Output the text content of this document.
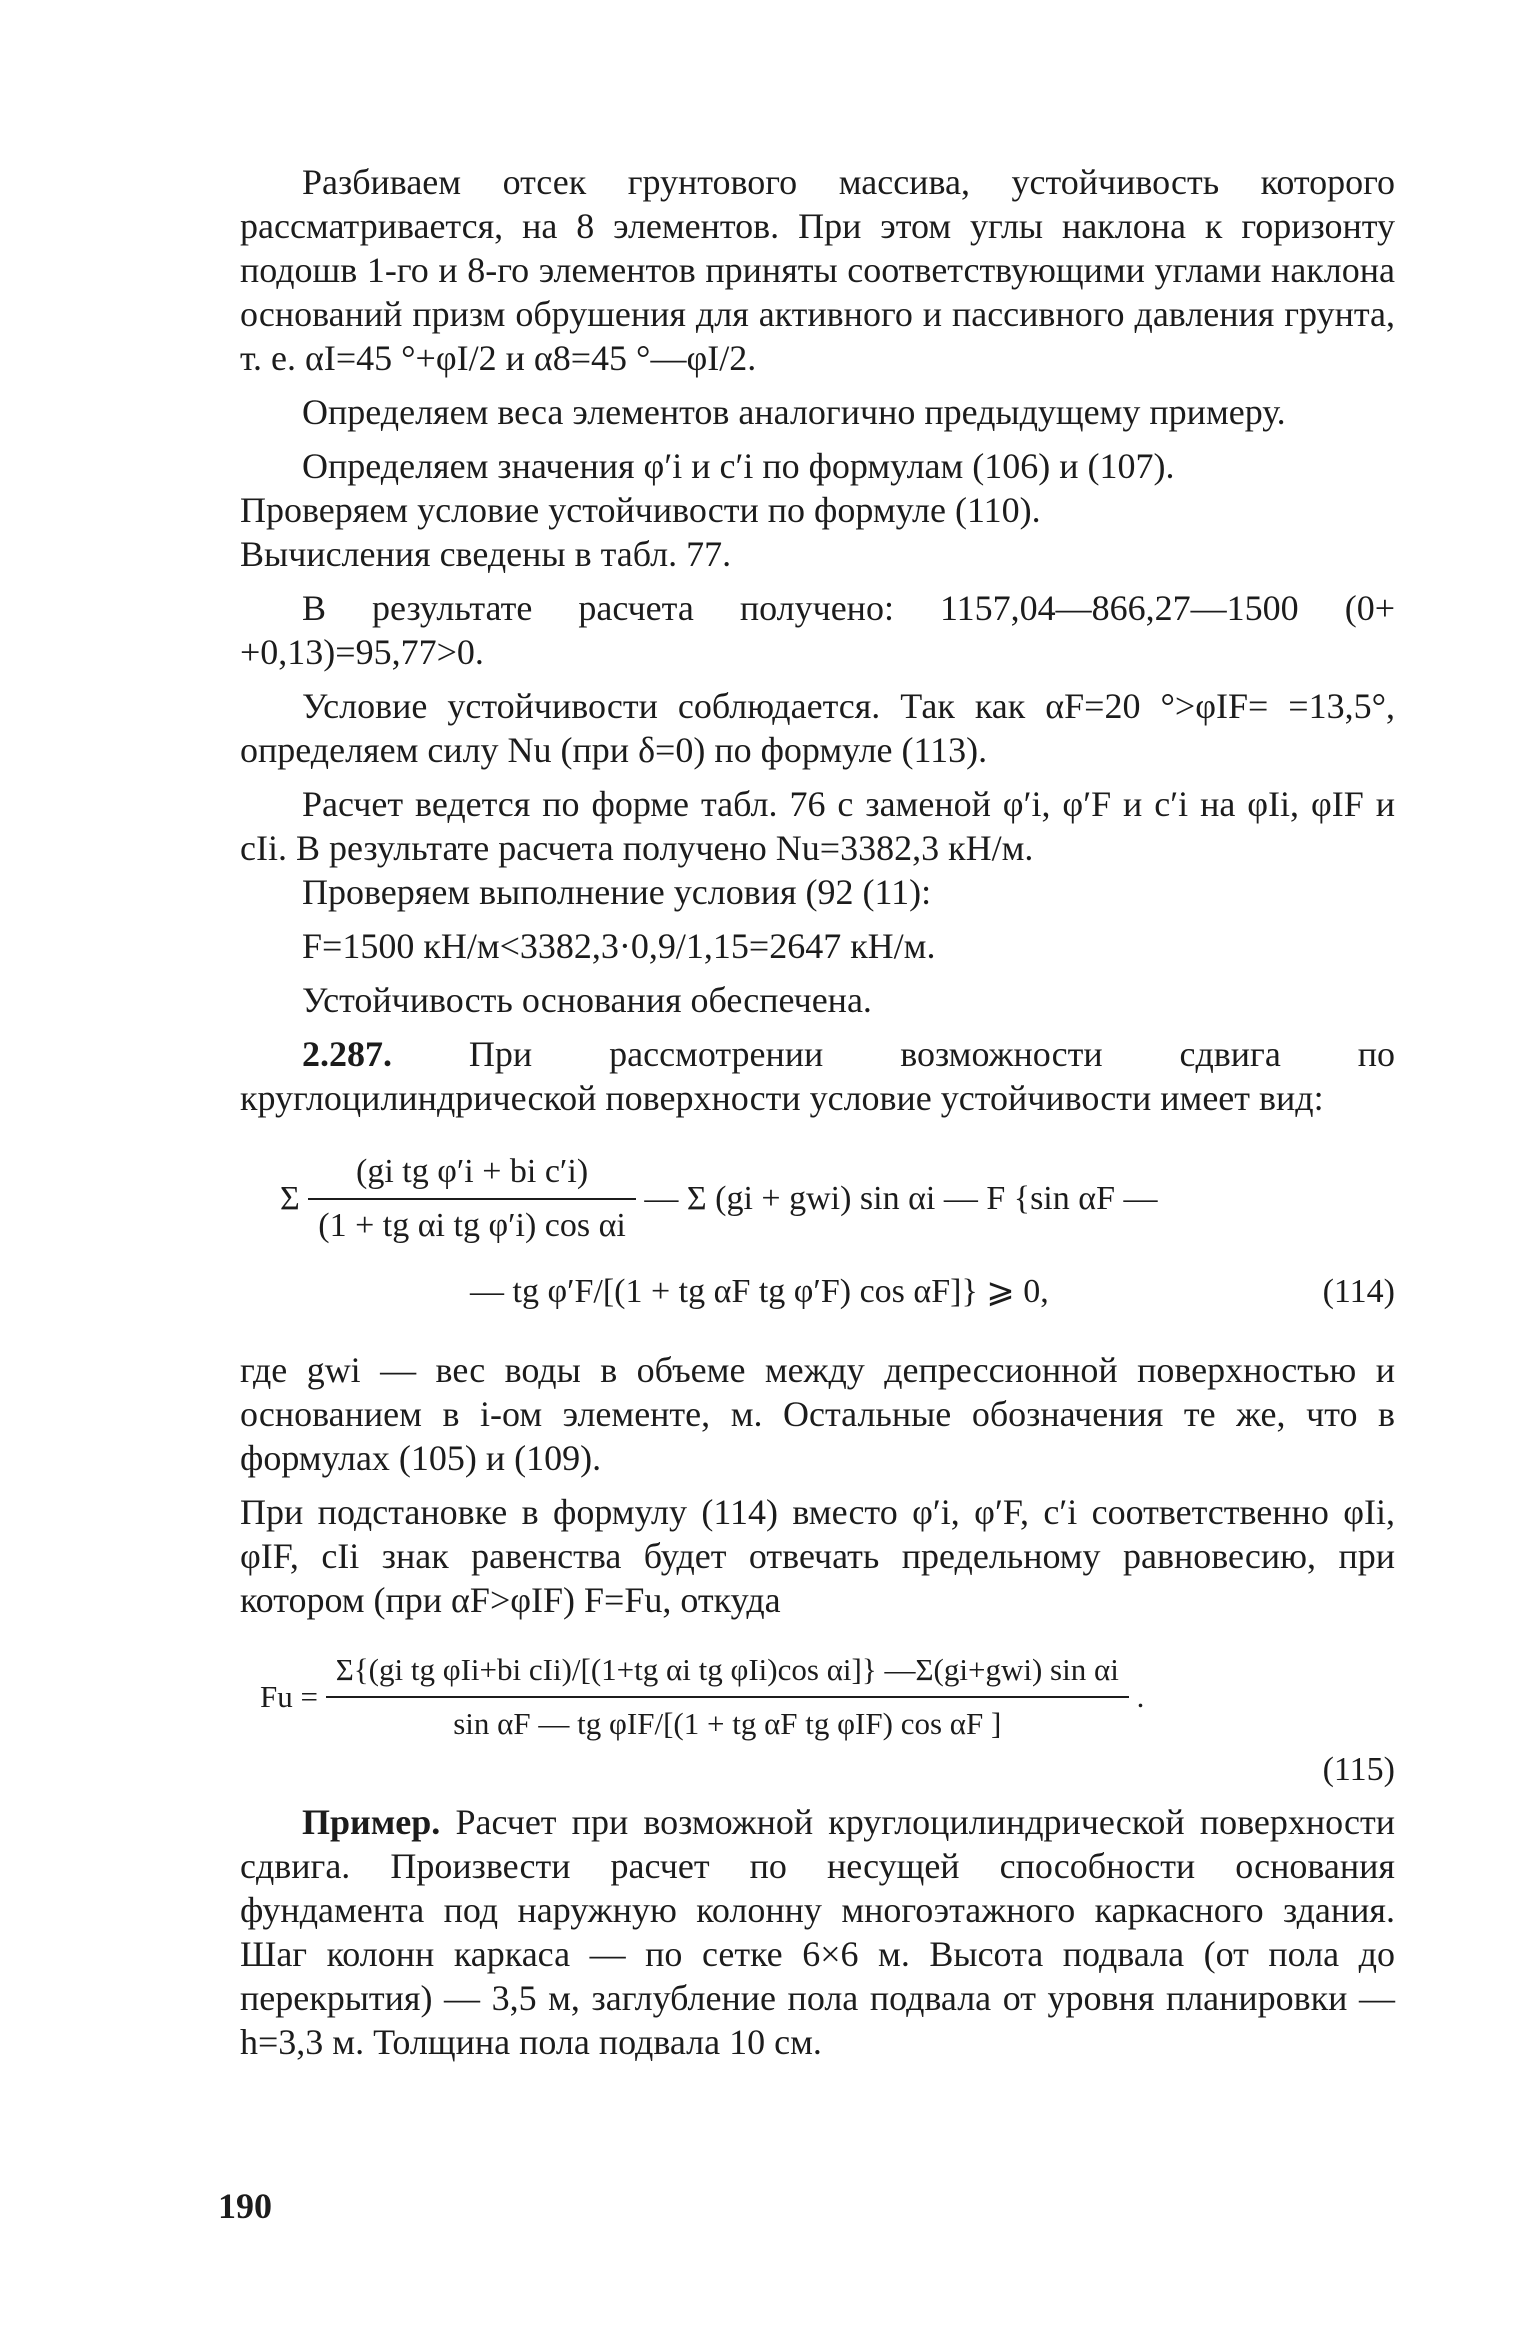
Разбиваем отсек грунтового массива, устойчивость которого рассматривается, на 8 элементов. При этом углы наклона к горизонту подошв 1-го и 8-го элементов приняты соответствующими углами наклона оснований призм обрушения для активного и пассивного давления грунта, т. е. αI=45 °+φI/2 и α8=45 °—φI/2.

Определяем веса элементов аналогично предыдущему примеру.

Определяем значения φ′i и c′i по формулам (106) и (107).

Проверяем условие устойчивости по формуле (110).

Вычисления сведены в табл. 77.

В результате расчета получено: 1157,04—866,27—1500 (0+ +0,13)=95,77>0.

Условие устойчивости соблюдается. Так как αF=20 °>φIF= =13,5°, определяем силу Nu (при δ=0) по формуле (113).

Расчет ведется по форме табл. 76 с заменой φ′i, φ′F и c′i на φIi, φIF и cIi. В результате расчета получено Nu=3382,3 кН/м.

Проверяем выполнение условия (92 (11):

F=1500 кН/м<3382,3·0,9/1,15=2647 кН/м.

Устойчивость основания обеспечена.

2.287. При рассмотрении возможности сдвига по круглоцилиндрической поверхности условие устойчивости имеет вид:

Σ $\frac{\text{(gi tg φ′i + bi c′i)}}{\text{(1 + tg αi tg φ′i) cos αi}}$ — Σ (gi + gwi) sin αi — F {sin αF —
— tg φ′F/[(1 + tg αF tg φ′F) cos αF]} ⩾ 0,	(114)

где gwi — вес воды в объеме между депрессионной поверхностью и основанием в i-ом элементе, м. Остальные обозначения те же, что в формулах (105) и (109).

При подстановке в формулу (114) вместо φ′i, φ′F, c′i соответственно φIi, φIF, cIi знак равенства будет отвечать предельному равновесию, при котором (при αF>φIF) F=Fu, откуда

Fu =
Σ{(gi tg φIi+bi cIi)/[(1+tg αi tg φIi)cos αi]} —Σ(gi+gwi) sin αi
sin αF — tg φIF/[(1 + tg αF tg φIF) cos αF ]
.
(115)

Пример. Расчет при возможной круглоцилиндрической поверхности сдвига. Произвести расчет по несущей способности основания фундамента под наружную колонну многоэтажного каркасного здания. Шаг колонн каркаса — по сетке 6×6 м. Высота подвала (от пола до перекрытия) — 3,5 м, заглубление пола подвала от уровня планировки — h=3,3 м. Толщина пола подвала 10 см.

190
